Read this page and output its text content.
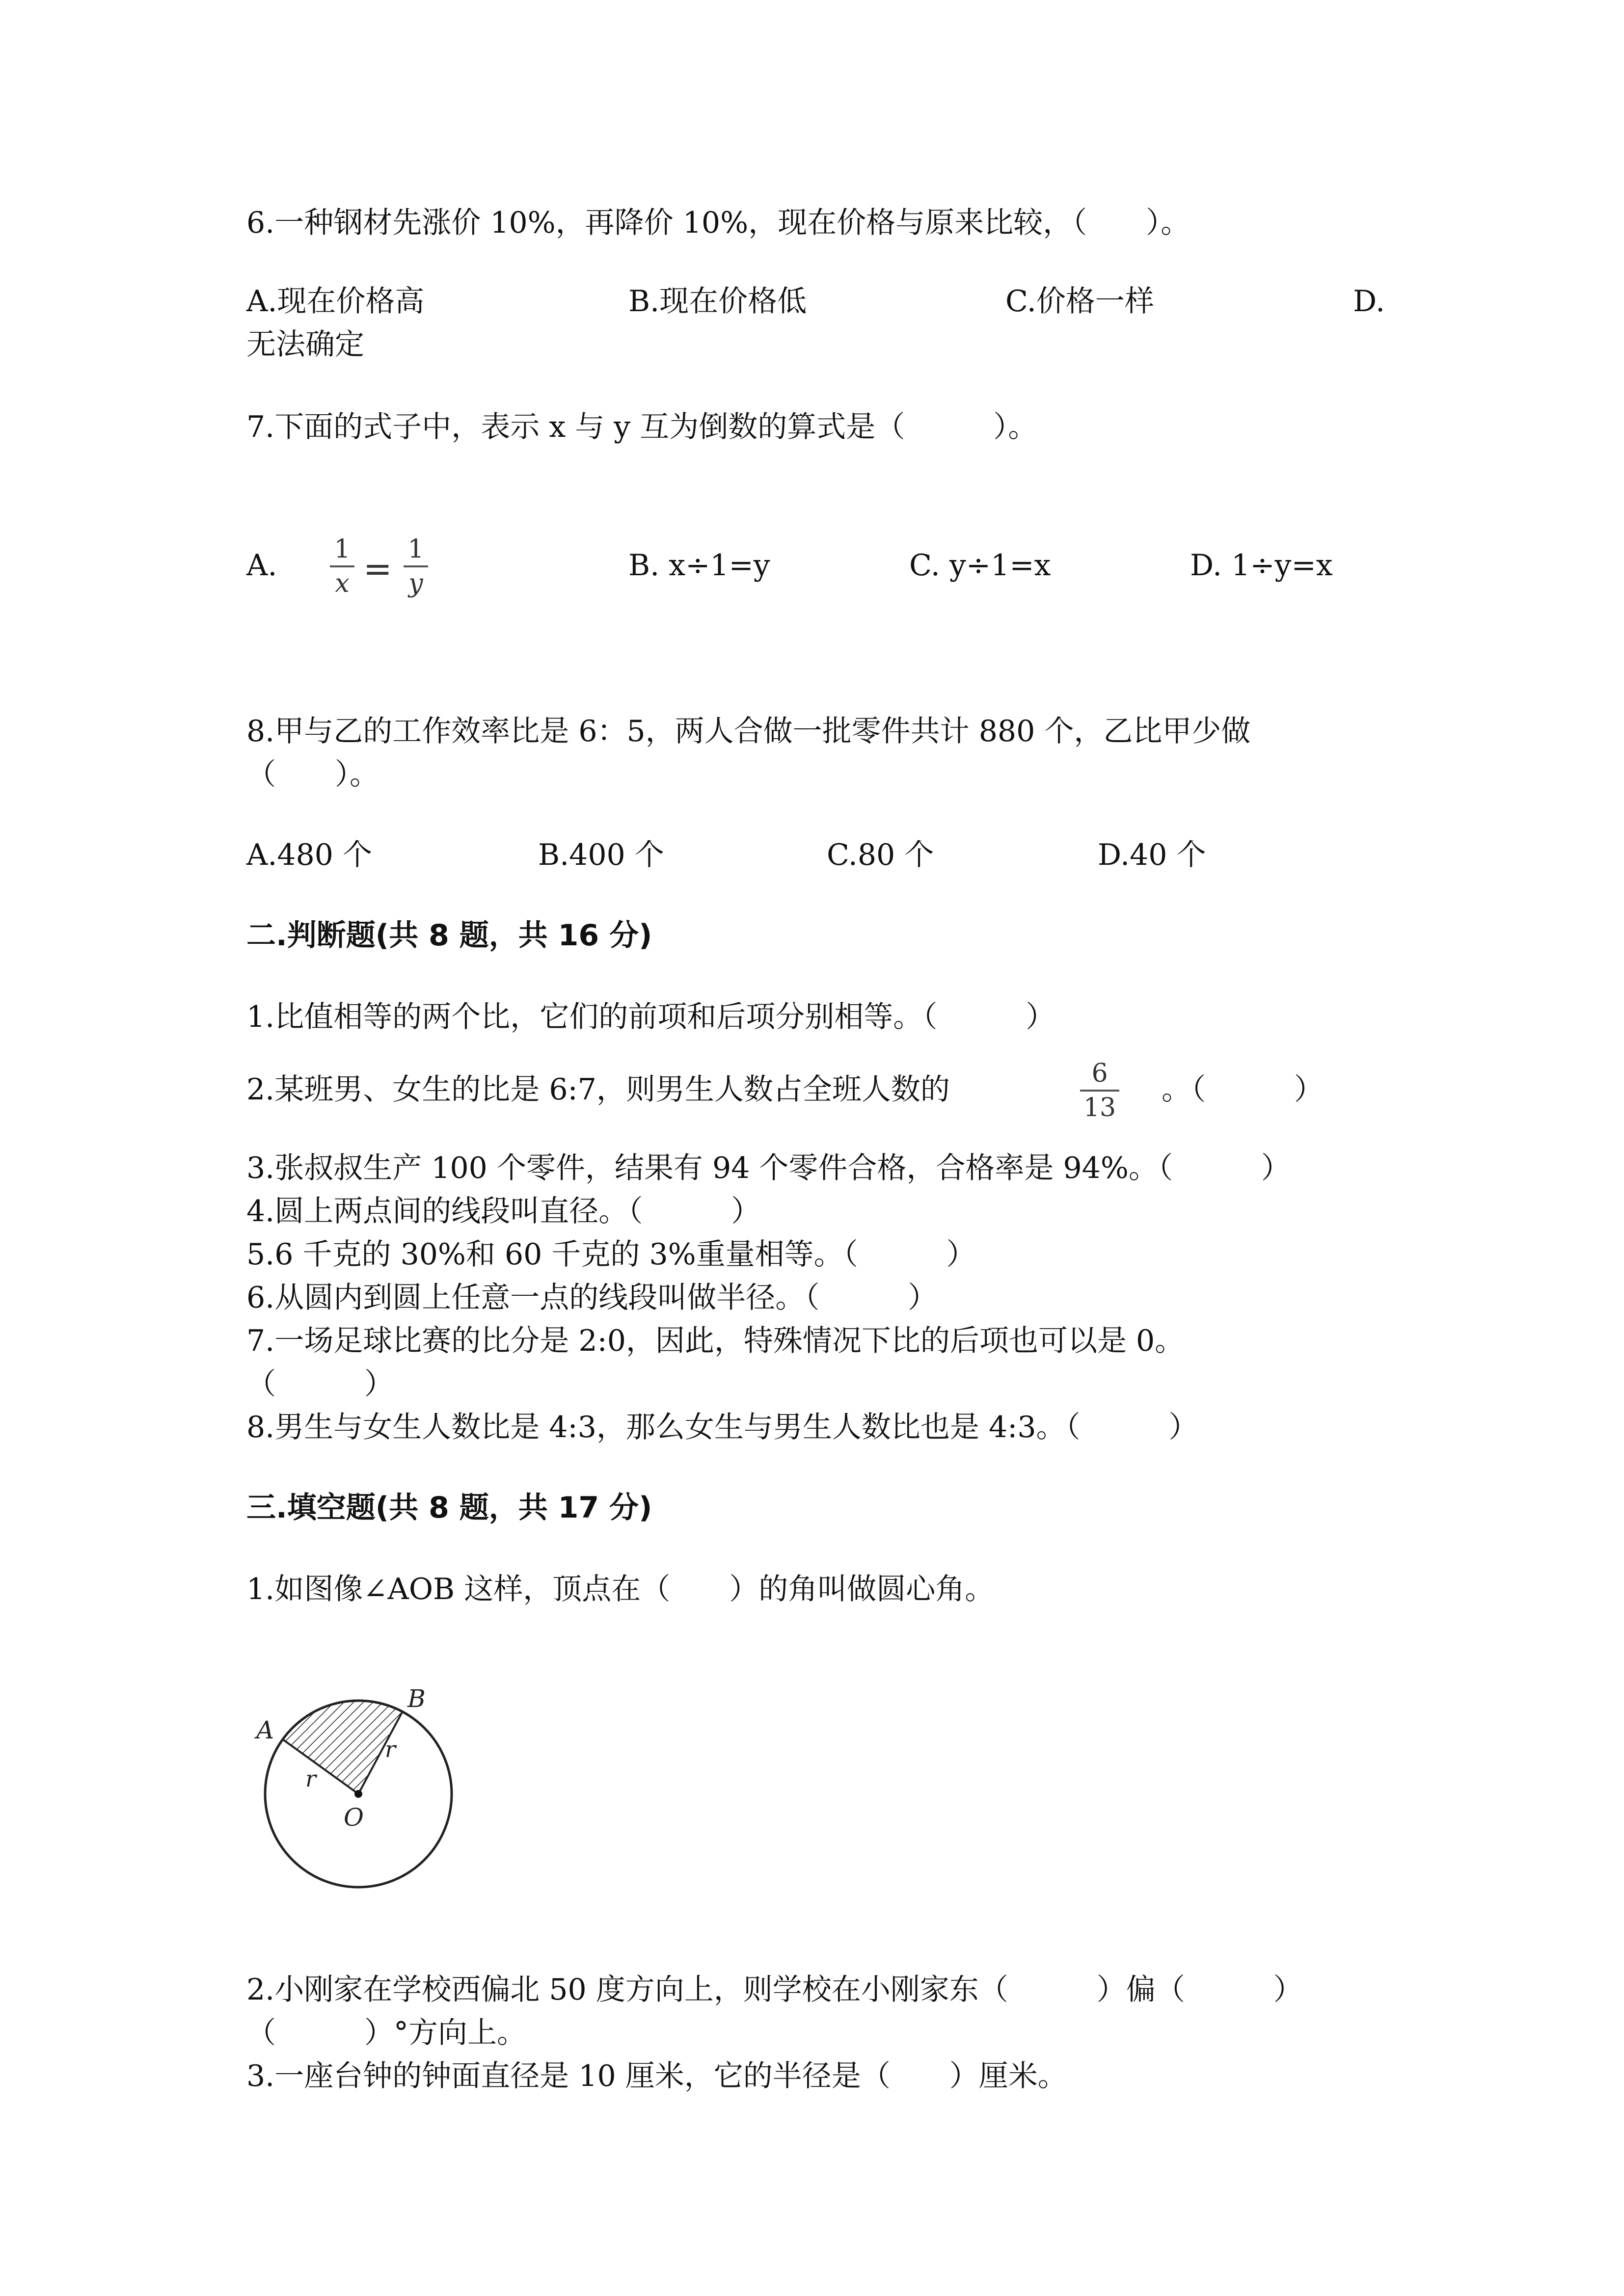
6.一种钢材先涨价 10%，再降价 10%，现在价格与原来比较，（　　）。
A.现在价格高	B.现在价格低	C.价格一样	D.
无法确定
7.下面的式子中，表示 x 与 y 互为倒数的算式是（　　　）。
A. 1
x = 1
y
B. x÷1=y	C. y÷1=x	D. 1÷y=x
8.甲与乙的工作效率比是 6：5，两人合做一批零件共计 880 个，乙比甲少做
（　　）。
A.480 个	B.400 个	C.80 个	D.40 个
二.判断题(共 8 题，共 16 分)
1.比值相等的两个比，它们的前项和后项分别相等。（　　　）
2.某班男、女生的比是 6:7，则男生人数占全班人数的	6
13
。（　　　）
3.张叔叔生产 100 个零件，结果有 94 个零件合格，合格率是 94%。（　　　）
4.圆上两点间的线段叫直径。（　　　）
5.6 千克的 30%和 60 千克的 3%重量相等。（　　　）
6.从圆内到圆上任意一点的线段叫做半径。（　　　）
7.一场足球比赛的比分是 2:0，因此，特殊情况下比的后项也可以是 0。
（　　　）
8.男生与女生人数比是 4:3，那么女生与男生人数比也是 4:3。（　　　）
三.填空题(共 8 题，共 17 分)
1.如图像∠AOB 这样，顶点在（　　）的角叫做圆心角。
A
B
O
r
r
2.小刚家在学校西偏北 50 度方向上，则学校在小刚家东（　　　）偏（　　　）
（　　　）°方向上。
3.一座台钟的钟面直径是 10 厘米，它的半径是（　　）厘米。
